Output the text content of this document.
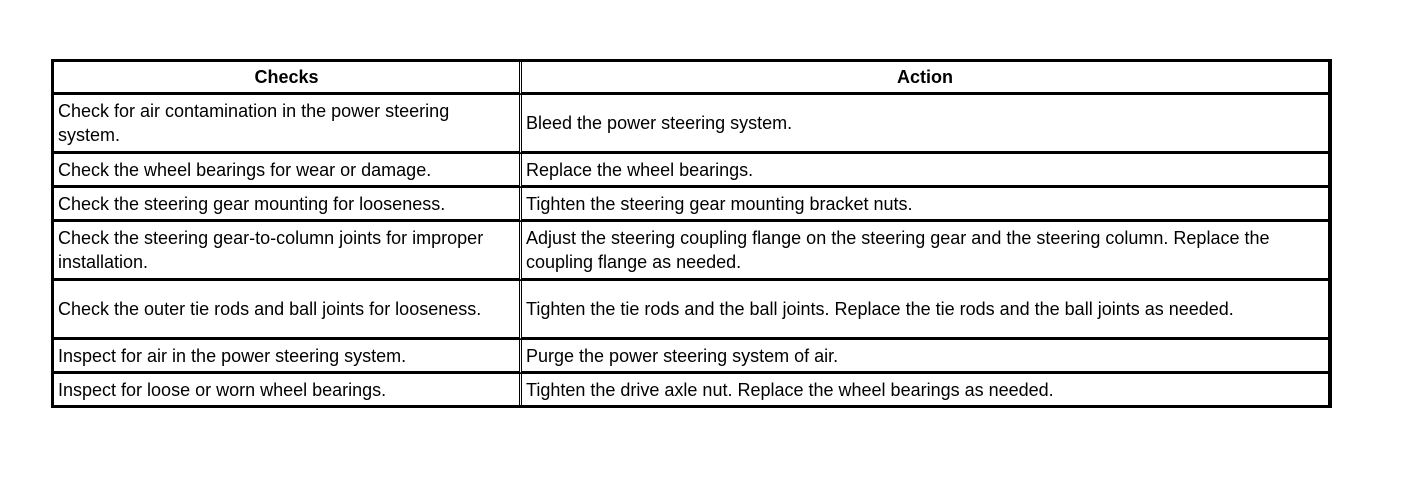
Checks	Action
Check for air contamination in the power steering system.	Bleed the power steering system.
Check the wheel bearings for wear or damage.	Replace the wheel bearings.
Check the steering gear mounting for looseness.	Tighten the steering gear mounting bracket nuts.
Check the steering gear-to-column joints for improper installation.	Adjust the steering coupling flange on the steering gear and the steering column. Replace the coupling flange as needed.
Check the outer tie rods and ball joints for looseness.	Tighten the tie rods and the ball joints. Replace the tie rods and the ball joints as needed.
Inspect for air in the power steering system.	Purge the power steering system of air.
Inspect for loose or worn wheel bearings.	Tighten the drive axle nut. Replace the wheel bearings as needed.
